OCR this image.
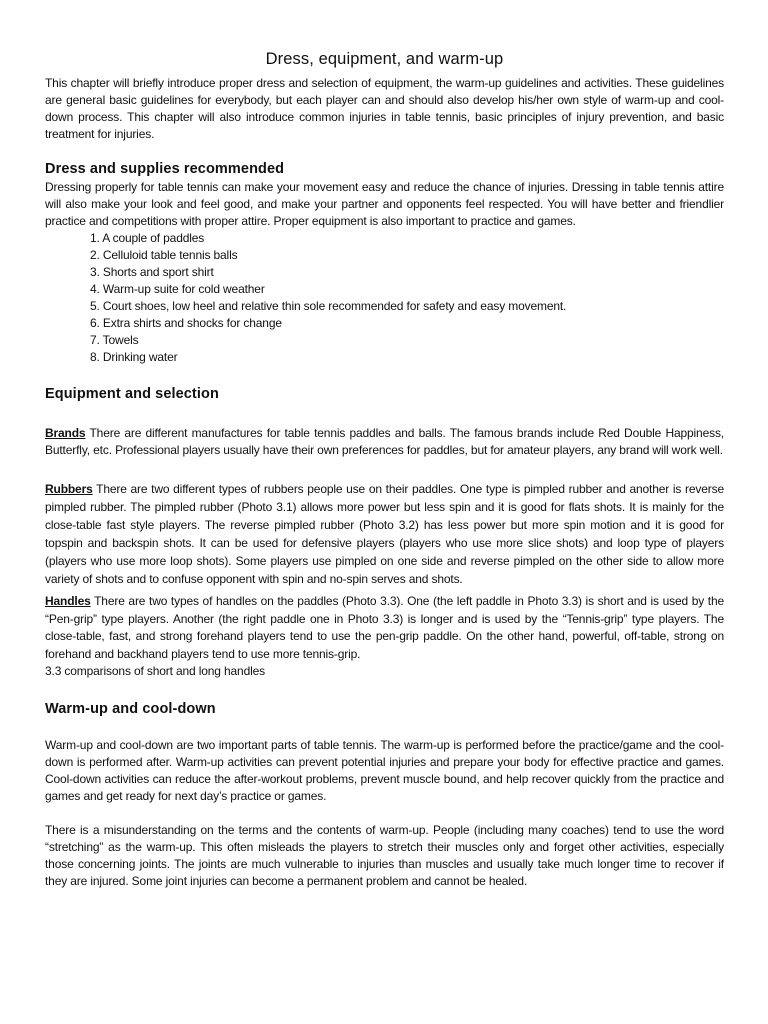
Dress, equipment, and warm-up

This chapter will briefly introduce proper dress and selection of equipment, the warm-up guidelines and activities. These guidelines are general basic guidelines for everybody, but each player can and should also develop his/her own style of warm-up and cool-down process. This chapter will also introduce common injuries in table tennis, basic principles of injury prevention, and basic treatment for injuries.

Dress and supplies recommended

Dressing properly for table tennis can make your movement easy and reduce the chance of injuries. Dressing in table tennis attire will also make your look and feel good, and make your partner and opponents feel respected. You will have better and friendlier practice and competitions with proper attire. Proper equipment is also important to practice and games.

1. A couple of paddles
2. Celluloid table tennis balls
3. Shorts and sport shirt
4. Warm-up suite for cold weather
5. Court shoes, low heel and relative thin sole recommended for safety and easy movement.
6. Extra shirts and shocks for change
7. Towels
8. Drinking water
Equipment and selection

Brands There are different manufactures for table tennis paddles and balls. The famous brands include Red Double Happiness, Butterfly, etc. Professional players usually have their own preferences for paddles, but for amateur players, any brand will work well.

Rubbers There are two different types of rubbers people use on their paddles. One type is pimpled rubber and another is reverse pimpled rubber. The pimpled rubber (Photo 3.1) allows more power but less spin and it is good for flats shots. It is mainly for the close-table fast style players. The reverse pimpled rubber (Photo 3.2) has less power but more spin motion and it is good for topspin and backspin shots. It can be used for defensive players (players who use more slice shots) and loop type of players (players who use more loop shots). Some players use pimpled on one side and reverse pimpled on the other side to allow more variety of shots and to confuse opponent with spin and no-spin serves and shots.

Handles There are two types of handles on the paddles (Photo 3.3). One (the left paddle in Photo 3.3) is short and is used by the “Pen-grip” type players. Another (the right paddle one in Photo 3.3) is longer and is used by the “Tennis-grip” type players. The close-table, fast, and strong forehand players tend to use the pen-grip paddle. On the other hand, powerful, off-table, strong on forehand and backhand players tend to use more tennis-grip.

3.3 comparisons of short and long handles
Warm-up and cool-down

Warm-up and cool-down are two important parts of table tennis. The warm-up is performed before the practice/game and the cool-down is performed after. Warm-up activities can prevent potential injuries and prepare your body for effective practice and games. Cool-down activities can reduce the after-workout problems, prevent muscle bound, and help recover quickly from the practice and games and get ready for next day’s practice or games.

There is a misunderstanding on the terms and the contents of warm-up. People (including many coaches) tend to use the word “stretching” as the warm-up. This often misleads the players to stretch their muscles only and forget other activities, especially those concerning joints. The joints are much vulnerable to injuries than muscles and usually take much longer time to recover if they are injured. Some joint injuries can become a permanent problem and cannot be healed.
